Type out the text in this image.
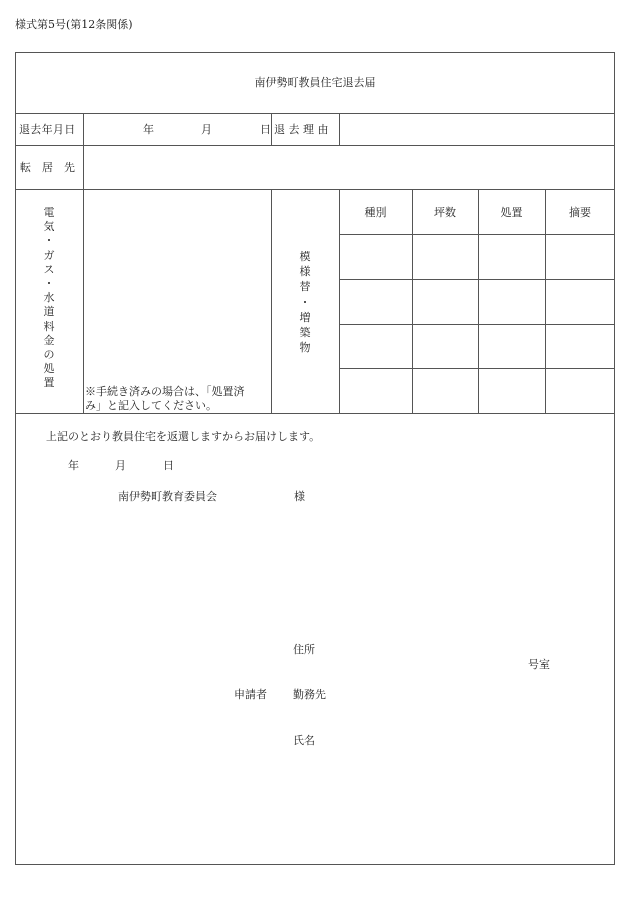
様式第5号(第12条関係)
南伊勢町教員住宅退去届
退去年月日	年	月	日 退 去 理 由
転　居　先
電
気
・
ガ
ス
・
水
道
料
金
の
処
置
※手続き済みの場合は、「処置済
み」と記入してください。
模
様
替
・
増
築
物
種別	坪数	処置	摘要
上記のとおり教員住宅を返還しますからお届けします。
年	月	日
南伊勢町教育委員会	様
住所
号室
申請者 勤務先
氏名
